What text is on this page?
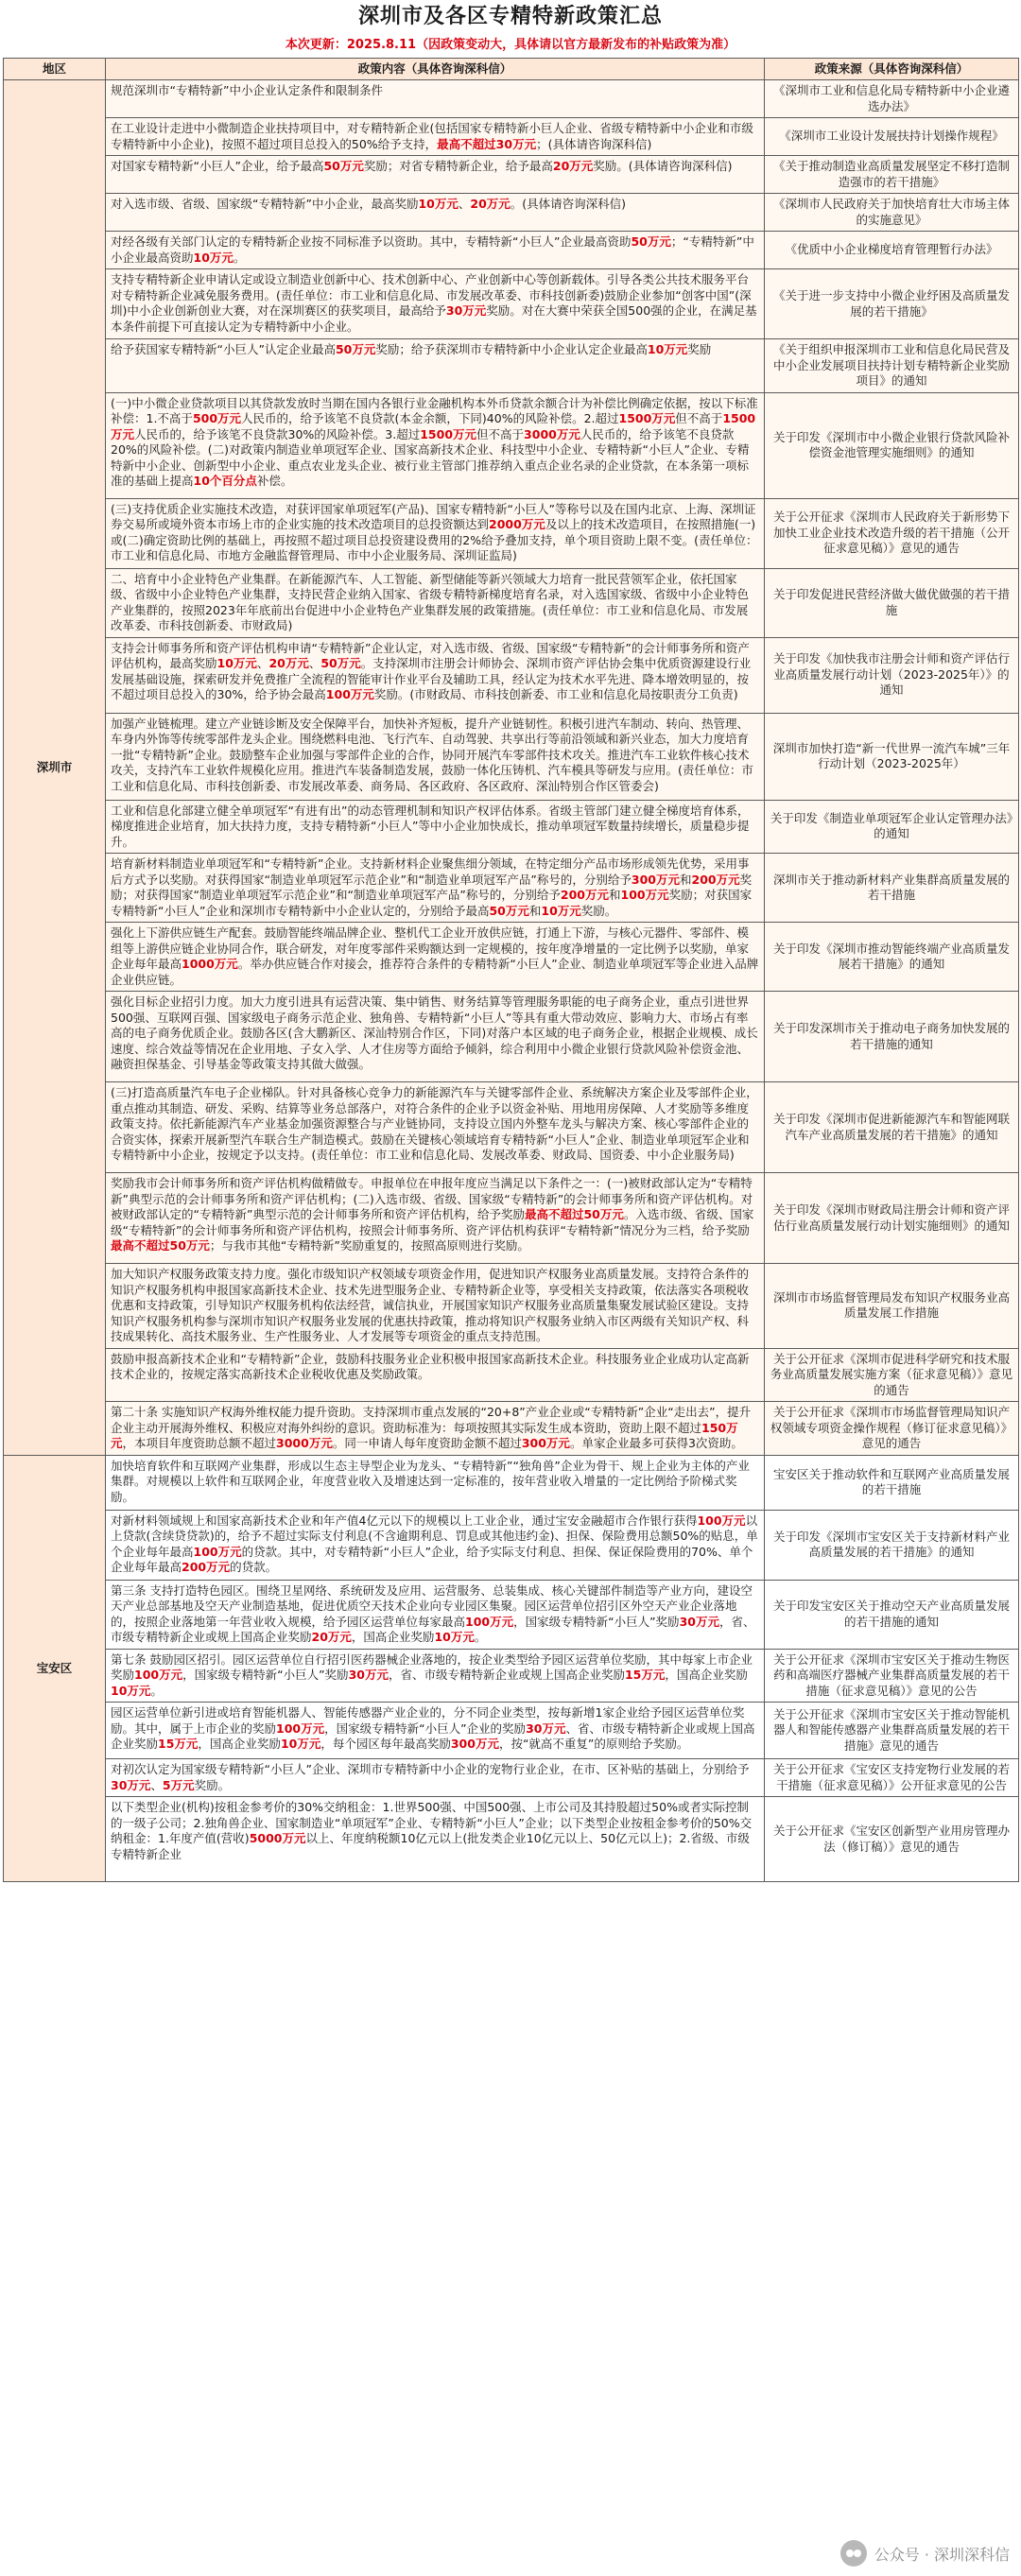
深圳市及各区专精特新政策汇总
本次更新：2025.8.11（因政策变动大，具体请以官方最新发布的补贴政策为准）
地区	政策内容（具体咨询深科信）	政策来源（具体咨询深科信）
深圳市	规范深圳市“专精特新”中小企业认定条件和限制条件	《深圳市工业和信息化局专精特新中小企业遴选办法》
	在工业设计走进中小微制造企业扶持项目中，对专精特新企业(包括国家专精特新小巨人企业、省级专精特新中小企业和市级专精特新中小企业)，按照不超过项目总投入的50%给予支持，最高不超过30万元；(具体请咨询深科信)	《深圳市工业设计发展扶持计划操作规程》
	对国家专精特新“小巨人”企业，给予最高50万元奖励；对省专精特新企业，给予最高20万元奖励。(具体请咨询深科信)	《关于推动制造业高质量发展坚定不移打造制造强市的若干措施》
	对入选市级、省级、国家级“专精特新”中小企业，最高奖励10万元、20万元。(具体请咨询深科信)	《深圳市人民政府关于加快培育壮大市场主体的实施意见》
	对经各级有关部门认定的专精特新企业按不同标准予以资助。其中，专精特新“小巨人”企业最高资助50万元；“专精特新”中小企业最高资助10万元。	《优质中小企业梯度培育管理暂行办法》
	支持专精特新企业申请认定或设立制造业创新中心、技术创新中心、产业创新中心等创新载体。引导各类公共技术服务平台对专精特新企业减免服务费用。(责任单位：市工业和信息化局、市发展改革委、市科技创新委)鼓励企业参加“创客中国”(深圳)中小企业创新创业大赛，对在深圳赛区的获奖项目，最高给予30万元奖励。对在大赛中荣获全国500强的企业，在满足基本条件前提下可直接认定为专精特新中小企业。	《关于进一步支持中小微企业纾困及高质量发展的若干措施》
	给予获国家专精特新“小巨人”认定企业最高50万元奖励；给予获深圳市专精特新中小企业认定企业最高10万元奖励	《关于组织申报深圳市工业和信息化局民营及中小企业发展项目扶持计划专精特新企业奖励项目》的通知
	(一)中小微企业贷款项目以其贷款发放时当期在国内各银行业金融机构本外币贷款余额合计为补偿比例确定依据，按以下标准补偿：1.不高于500万元人民币的，给予该笔不良贷款(本金余额，下同)40%的风险补偿。2.超过1500万元但不高于1500万元人民币的，给予该笔不良贷款30%的风险补偿。3.超过1500万元但不高于3000万元人民币的，给予该笔不良贷款20%的风险补偿。(二)对政策内制造业单项冠军企业、国家高新技术企业、科技型中小企业、专精特新“小巨人”企业、专精特新中小企业、创新型中小企业、重点农业龙头企业、被行业主管部门推荐纳入重点企业名录的企业贷款，在本条第一项标准的基础上提高10个百分点补偿。	关于印发《深圳市中小微企业银行贷款风险补偿资金池管理实施细则》的通知
	(三)支持优质企业实施技术改造，对获评国家单项冠军(产品)、国家专精特新“小巨人”等称号以及在国内北京、上海、深圳证券交易所或境外资本市场上市的企业实施的技术改造项目的总投资额达到2000万元及以上的技术改造项目，在按照措施(一)或(二)确定资助比例的基础上，再按照不超过项目总投资建设费用的2%给予叠加支持，单个项目资助上限不变。(责任单位：市工业和信息化局、市地方金融监督管理局、市中小企业服务局、深圳证监局)	关于公开征求《深圳市人民政府关于新形势下加快工业企业技术改造升级的若干措施（公开征求意见稿）》意见的通告
	二、培育中小企业特色产业集群。在新能源汽车、人工智能、新型储能等新兴领域大力培育一批民营领军企业，依托国家级、省级中小企业特色产业集群，支持民营企业纳入国家、省级专精特新梯度培育名录，对入选国家级、省级中小企业特色产业集群的，按照2023年年底前出台促进中小企业特色产业集群发展的政策措施。(责任单位：市工业和信息化局、市发展改革委、市科技创新委、市财政局)	关于印发促进民营经济做大做优做强的若干措施
	支持会计师事务所和资产评估机构申请“专精特新”企业认定，对入选市级、省级、国家级“专精特新”的会计师事务所和资产评估机构，最高奖励10万元、20万元、50万元。支持深圳市注册会计师协会、深圳市资产评估协会集中优质资源建设行业发展基础设施，探索研发并免费推广全流程的智能审计作业平台及辅助工具，经认定为技术水平先进、降本增效明显的，按不超过项目总投入的30%，给予协会最高100万元奖励。(市财政局、市科技创新委、市工业和信息化局按职责分工负责)	关于印发《加快我市注册会计师和资产评估行业高质量发展行动计划（2023-2025年）》的通知
	加强产业链梳理。建立产业链诊断及安全保障平台，加快补齐短板，提升产业链韧性。积极引进汽车制动、转向、热管理、车身内外饰等传统零部件龙头企业。围绕燃料电池、飞行汽车、自动驾驶、共享出行等前沿领域和新兴业态，加大力度培育一批“专精特新”企业。鼓励整车企业加强与零部件企业的合作，协同开展汽车零部件技术攻关。推进汽车工业软件核心技术攻关，支持汽车工业软件规模化应用。推进汽车装备制造发展，鼓励一体化压铸机、汽车模具等研发与应用。(责任单位：市工业和信息化局、市科技创新委、市发展改革委、商务局、各区政府、各区政府、深汕特别合作区管委会)	深圳市加快打造“新一代世界一流汽车城”三年行动计划（2023-2025年）
	工业和信息化部建立健全单项冠军“有进有出”的动态管理机制和知识产权评估体系。省级主管部门建立健全梯度培育体系，梯度推进企业培育，加大扶持力度，支持专精特新“小巨人”等中小企业加快成长，推动单项冠军数量持续增长，质量稳步提升。	关于印发《制造业单项冠军企业认定管理办法》的通知
	培育新材料制造业单项冠军和“专精特新”企业。支持新材料企业聚焦细分领域，在特定细分产品市场形成领先优势，采用事后方式予以奖励。对获得国家“制造业单项冠军示范企业”和“制造业单项冠军产品”称号的，分别给予300万元和200万元奖励；对获得国家“制造业单项冠军示范企业”和“制造业单项冠军产品”称号的，分别给予200万元和100万元奖励；对获国家专精特新“小巨人”企业和深圳市专精特新中小企业认定的，分别给予最高50万元和10万元奖励。	深圳市关于推动新材料产业集群高质量发展的若干措施
	强化上下游供应链生产配套。鼓励智能终端品牌企业、整机代工企业开放供应链，打通上下游，与核心元器件、零部件、模组等上游供应链企业协同合作，联合研发，对年度零部件采购额达到一定规模的，按年度净增量的一定比例予以奖励，单家企业每年最高1000万元。举办供应链合作对接会，推荐符合条件的专精特新“小巨人”企业、制造业单项冠军等企业进入品牌企业供应链。	关于印发《深圳市推动智能终端产业高质量发展若干措施》的通知
	强化目标企业招引力度。加大力度引进具有运营决策、集中销售、财务结算等管理服务职能的电子商务企业，重点引进世界500强、互联网百强、国家级电子商务示范企业、独角兽、专精特新“小巨人”等具有重大带动效应、影响力大、市场占有率高的电子商务优质企业。鼓励各区(含大鹏新区、深汕特别合作区，下同)对落户本区域的电子商务企业，根据企业规模、成长速度、综合效益等情况在企业用地、子女入学、人才住房等方面给予倾斜，综合利用中小微企业银行贷款风险补偿资金池、融资担保基金、引导基金等政策支持其做大做强。	关于印发深圳市关于推动电子商务加快发展的若干措施的通知
	(三)打造高质量汽车电子企业梯队。针对具备核心竞争力的新能源汽车与关键零部件企业、系统解决方案企业及零部件企业，重点推动其制造、研发、采购、结算等业务总部落户，对符合条件的企业予以资金补贴、用地用房保障、人才奖励等多维度政策支持。依托新能源汽车产业基金加强资源整合与产业链协同，支持设立国内外整车龙头与解决方案、核心零部件企业的合资实体，探索开展新型汽车联合生产制造模式。鼓励在关键核心领域培育专精特新“小巨人”企业、制造业单项冠军企业和专精特新中小企业，按规定予以支持。(责任单位：市工业和信息化局、发展改革委、财政局、国资委、中小企业服务局)	关于印发《深圳市促进新能源汽车和智能网联汽车产业高质量发展的若干措施》的通知
	奖励我市会计师事务所和资产评估机构做精做专。申报单位在申报年度应当满足以下条件之一：(一)被财政部认定为“专精特新”典型示范的会计师事务所和资产评估机构；(二)入选市级、省级、国家级“专精特新”的会计师事务所和资产评估机构。对被财政部认定的“专精特新”典型示范的会计师事务所和资产评估机构，给予奖励最高不超过50万元。入选市级、省级、国家级“专精特新”的会计师事务所和资产评估机构，按照会计师事务所、资产评估机构获评“专精特新”情况分为三档，给予奖励最高不超过50万元；与我市其他“专精特新”奖励重复的，按照高原则进行奖励。	关于印发《深圳市财政局注册会计师和资产评估行业高质量发展行动计划实施细则》的通知
	加大知识产权服务政策支持力度。强化市级知识产权领域专项资金作用，促进知识产权服务业高质量发展。支持符合条件的知识产权服务机构申报国家高新技术企业、技术先进型服务企业、专精特新企业等，享受相关支持政策，依法落实各项税收优惠和支持政策，引导知识产权服务机构依法经营，诚信执业，开展国家知识产权服务业高质量集聚发展试验区建设。支持知识产权服务机构参与深圳市知识产权服务业发展的优惠扶持政策，推动将知识产权服务业纳入市区两级有关知识产权、科技成果转化、高技术服务业、生产性服务业、人才发展等专项资金的重点支持范围。	深圳市市场监督管理局发布知识产权服务业高质量发展工作措施
	鼓励申报高新技术企业和“专精特新”企业，鼓励科技服务业企业积极申报国家高新技术企业。科技服务业企业成功认定高新技术企业的，按规定落实高新技术企业税收优惠及奖励政策。	关于公开征求《深圳市促进科学研究和技术服务业高质量发展实施方案（征求意见稿）》意见的通告
	第二十条 实施知识产权海外维权能力提升资助。支持深圳市重点发展的“20+8”产业企业或“专精特新”企业“走出去”，提升企业主动开展海外维权、积极应对海外纠纷的意识。资助标准为：每项按照其实际发生成本资助，资助上限不超过150万元，本项目年度资助总额不超过3000万元。同一申请人每年度资助金额不超过300万元。单家企业最多可获得3次资助。	关于公开征求《深圳市市场监督管理局知识产权领域专项资金操作规程（修订征求意见稿）》意见的通告
宝安区	加快培育软件和互联网产业集群，形成以生态主导型企业为龙头、“专精特新”“独角兽”企业为骨干、规上企业为主体的产业集群。对规模以上软件和互联网企业，年度营业收入及增速达到一定标准的，按年营业收入增量的一定比例给予阶梯式奖励。	宝安区关于推动软件和互联网产业高质量发展的若干措施
	对新材料领域规上和国家高新技术企业和年产值4亿元以下的规模以上工业企业，通过宝安金融超市合作银行获得100万元以上贷款(含续贷贷款)的，给予不超过实际支付利息(不含逾期利息、罚息或其他违约金)、担保、保险费用总额50%的贴息，单个企业每年最高100万元的贷款。其中，对专精特新“小巨人”企业，给予实际支付利息、担保、保证保险费用的70%、单个企业每年最高200万元的贷款。	关于印发《深圳市宝安区关于支持新材料产业高质量发展的若干措施》的通知
	第三条 支持打造特色园区。围绕卫星网络、系统研发及应用、运营服务、总装集成、核心关键部件制造等产业方向，建设空天产业总部基地及空天产业制造基地，促进优质空天技术企业向专业园区集聚。园区运营单位招引区外空天产业企业落地的，按照企业落地第一年营业收入规模，给予园区运营单位每家最高100万元，国家级专精特新“小巨人”奖励30万元，省、市级专精特新企业或规上国高企业奖励20万元，国高企业奖励10万元。	关于印发宝安区关于推动空天产业高质量发展的若干措施的通知
	第七条 鼓励园区招引。园区运营单位自行招引医药器械企业落地的，按企业类型给予园区运营单位奖励，其中每家上市企业奖励100万元，国家级专精特新“小巨人”奖励30万元，省、市级专精特新企业或规上国高企业奖励15万元，国高企业奖励10万元。	关于公开征求《深圳市宝安区关于推动生物医药和高端医疗器械产业集群高质量发展的若干措施（征求意见稿）》意见的公告
	园区运营单位新引进或培育智能机器人、智能传感器产业企业的，分不同企业类型，按每新增1家企业给予园区运营单位奖励。其中，属于上市企业的奖励100万元，国家级专精特新“小巨人”企业的奖励30万元、省、市级专精特新企业或规上国高企业奖励15万元，国高企业奖励10万元，每个园区每年最高奖励300万元，按“就高不重复”的原则给予奖励。	关于公开征求《深圳市宝安区关于推动智能机器人和智能传感器产业集群高质量发展的若干措施》意见的通告
	对初次认定为国家级专精特新“小巨人”企业、深圳市专精特新中小企业的宠物行业企业，在市、区补贴的基础上，分别给予30万元、5万元奖励。	关于公开征求《宝安区支持宠物行业发展的若干措施（征求意见稿）》公开征求意见的公告
	以下类型企业(机构)按租金参考价的30%交纳租金：1.世界500强、中国500强、上市公司及其持股超过50%或者实际控制的一级子公司；2.独角兽企业、国家制造业“单项冠军”企业、专精特新“小巨人”企业；以下类型企业按租金参考价的50%交纳租金：1.年度产值(营收)5000万元以上、年度纳税额10亿元以上(批发类企业10亿元以上、50亿元以上)；2.省级、市级专精特新企业	关于公开征求《宝安区创新型产业用房管理办法（修订稿）》意见的通告
公众号 · 深圳深科信
